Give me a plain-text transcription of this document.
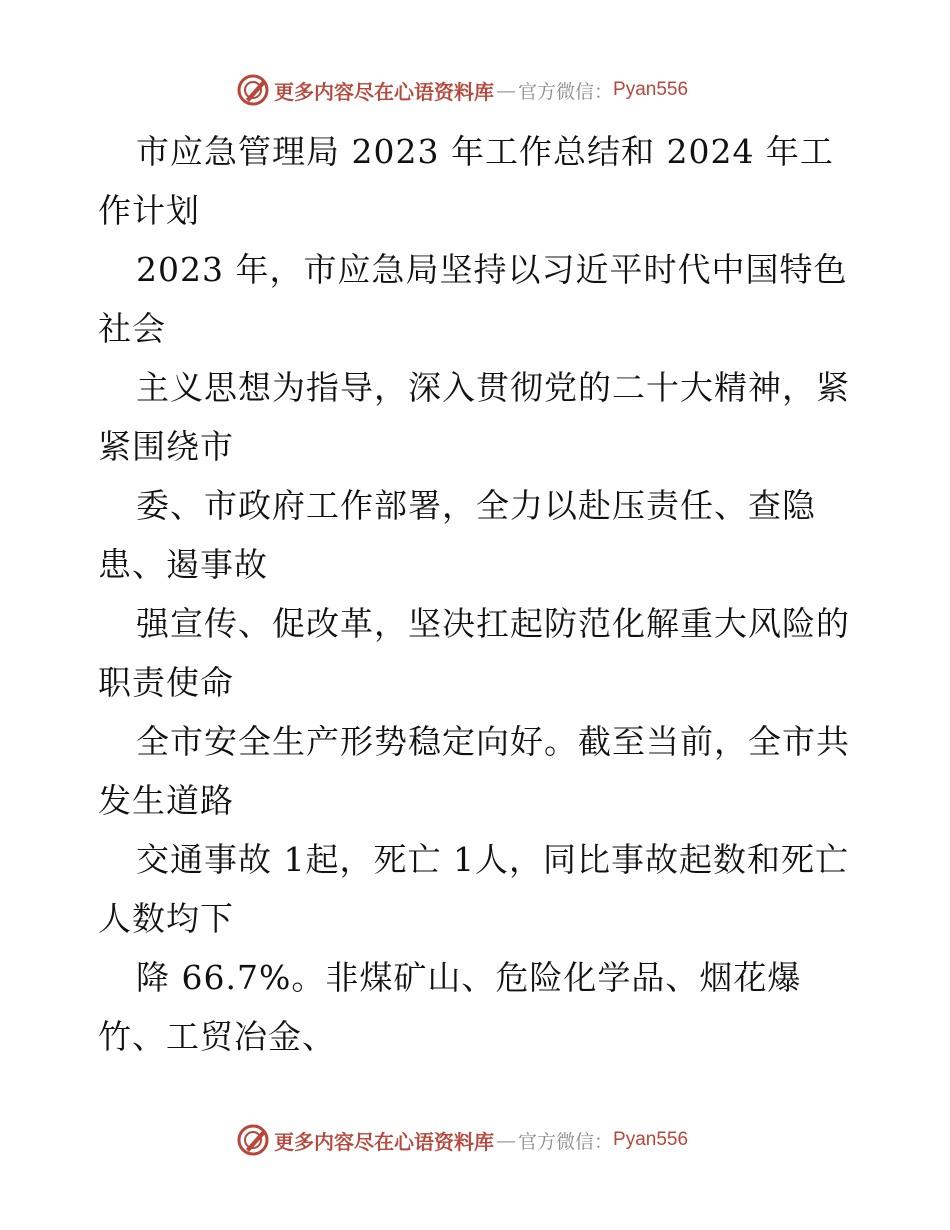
更多内容尽在心语资料库 — 官方微信： Pyan556

市应急管理局 2023 年工作总结和 2024 年工作计划

2023 年，市应急局坚持以习近平时代中国特色社会

主义思想为指导，深入贯彻党的二十大精神，紧紧围绕市

委、市政府工作部署，全力以赴压责任、查隐患、遏事故

强宣传、促改革，坚决扛起防范化解重大风险的职责使命

全市安全生产形势稳定向好。截至当前，全市共发生道路

交通事故 1起，死亡 1人，同比事故起数和死亡人数均下

降 66.7%。非煤矿山、危险化学品、烟花爆竹、工贸冶金、

更多内容尽在心语资料库 — 官方微信： Pyan556
